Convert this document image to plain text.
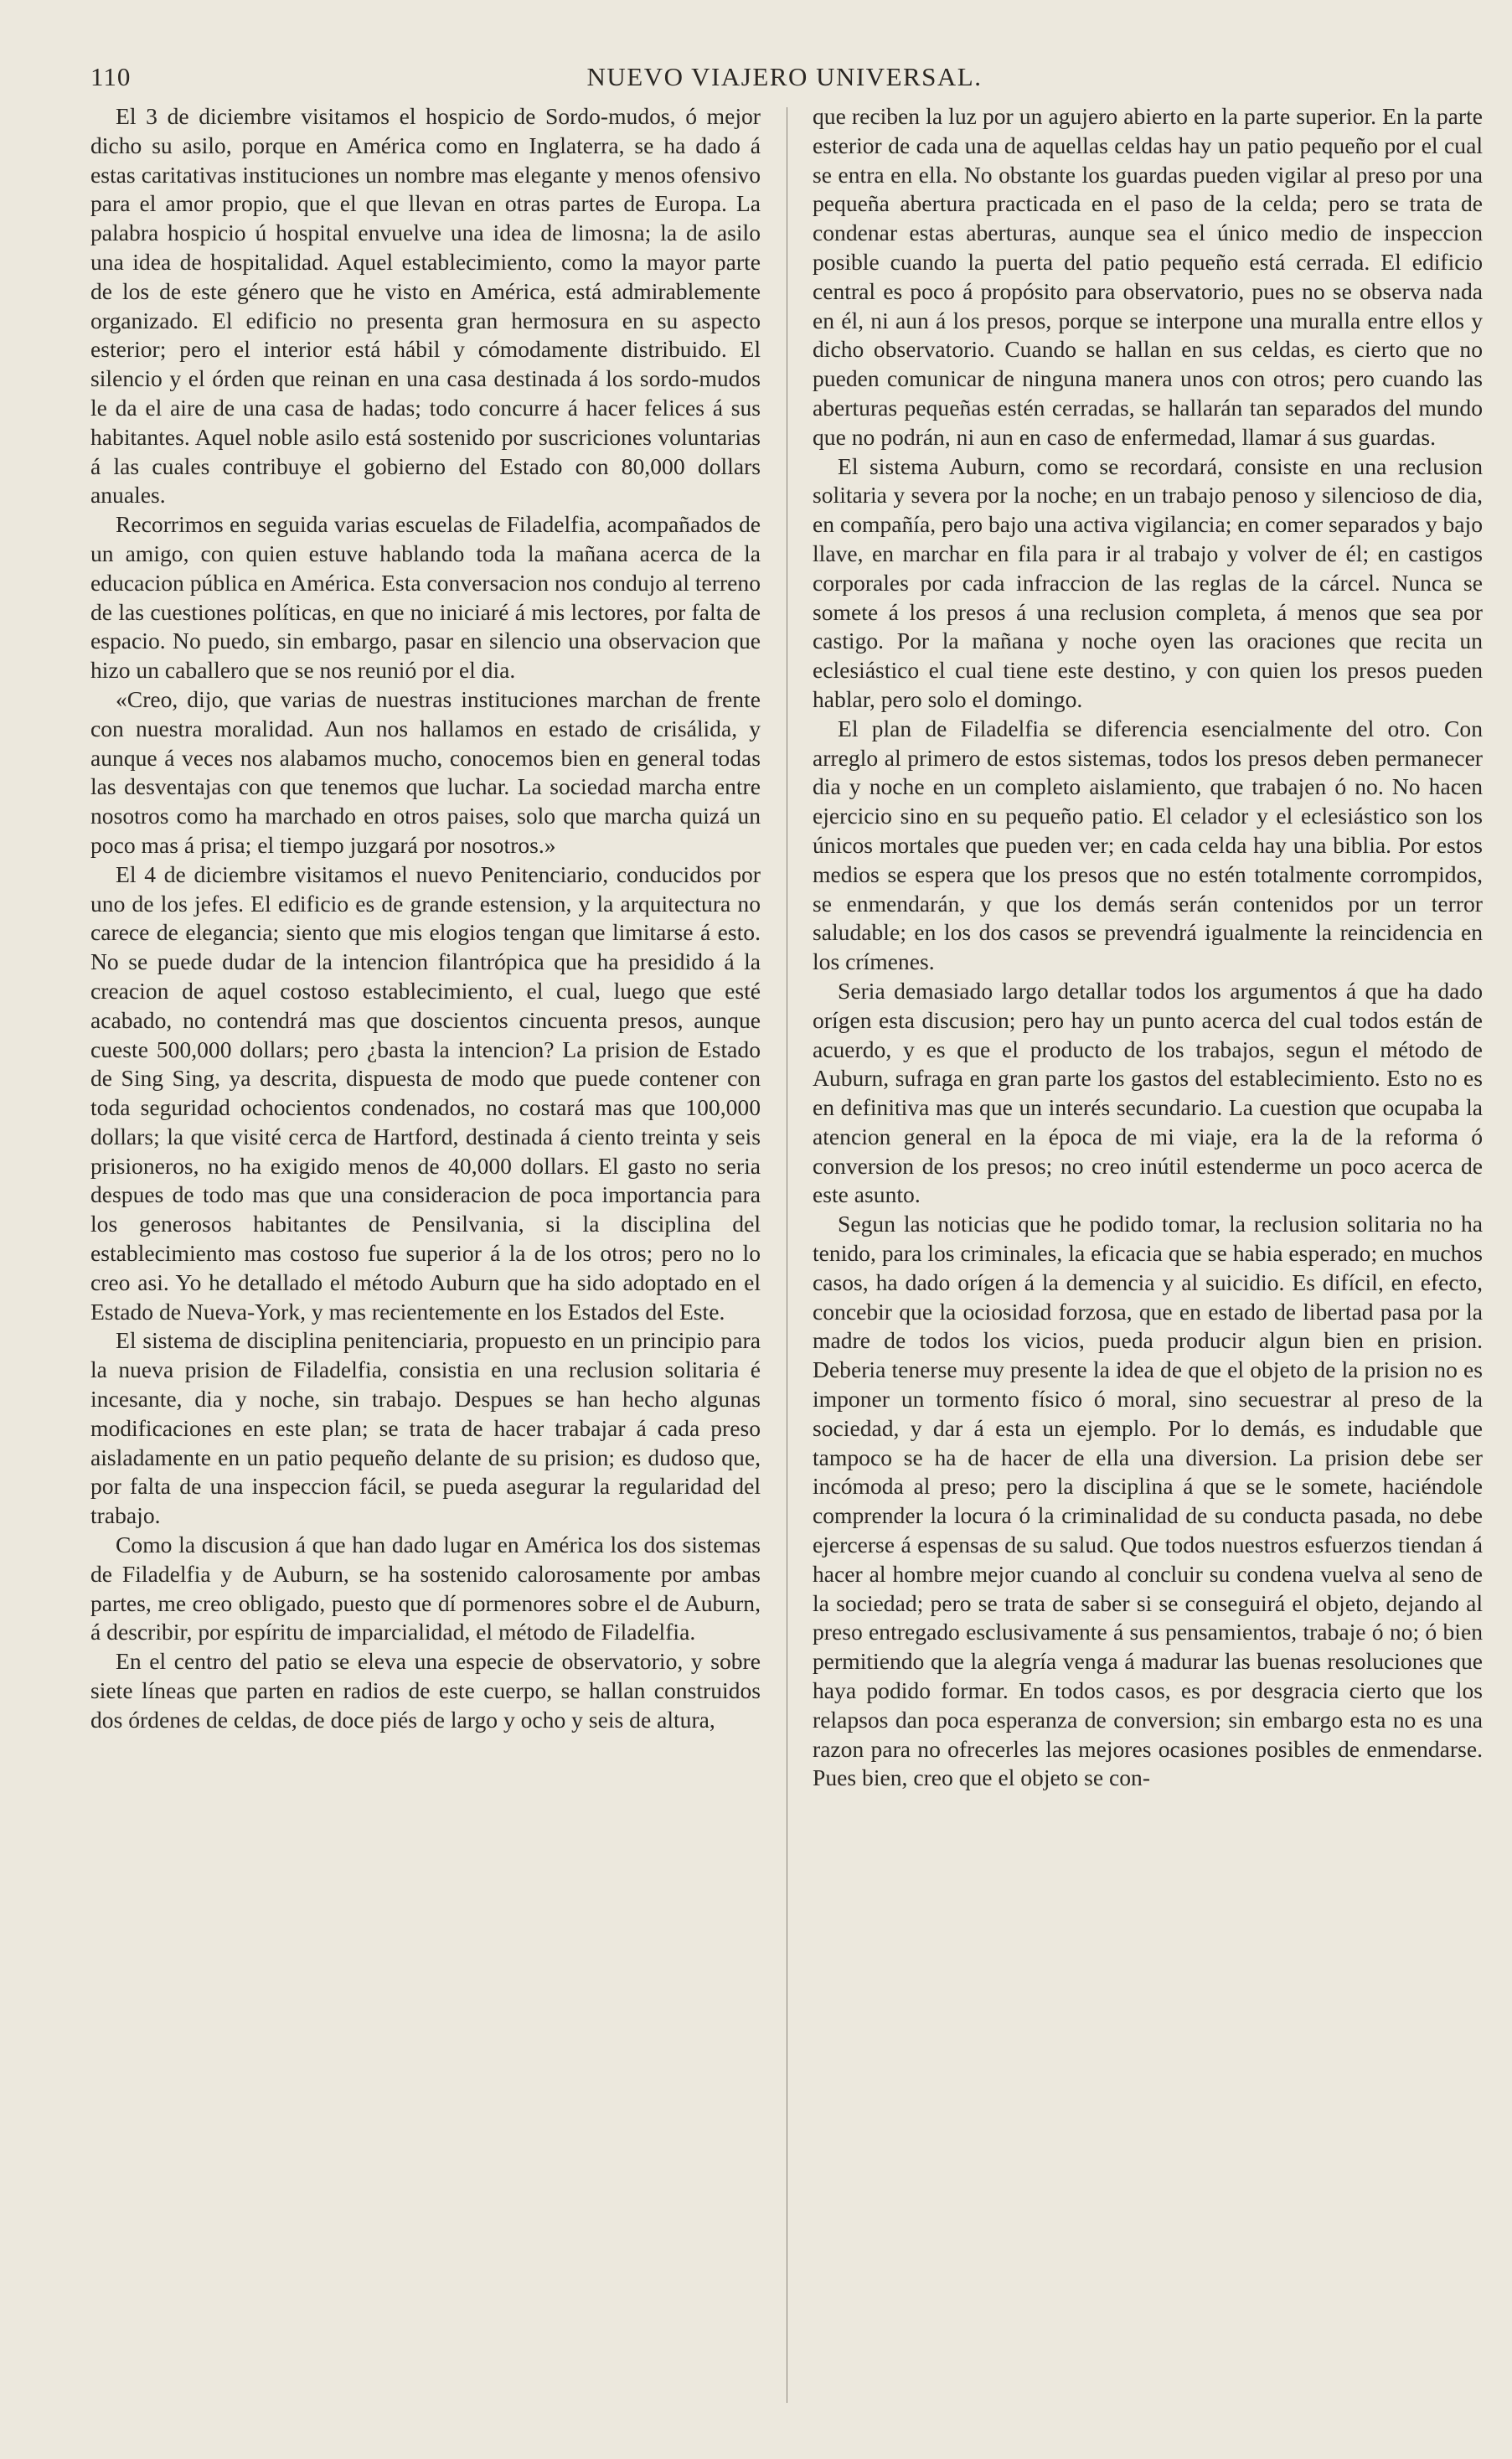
110	NUEVO VIAJERO UNIVERSAL.

El 3 de diciembre visitamos el hospicio de Sordo-mudos, ó mejor dicho su asilo, porque en América como en Inglaterra, se ha dado á estas caritativas instituciones un nombre mas elegante y menos ofensivo para el amor propio, que el que llevan en otras partes de Europa. La palabra hospicio ú hospital envuelve una idea de limosna; la de asilo una idea de hospitalidad. Aquel establecimiento, como la mayor parte de los de este género que he visto en América, está admirablemente organizado. El edificio no presenta gran hermosura en su aspecto esterior; pero el interior está hábil y cómodamente distribuido. El silencio y el órden que reinan en una casa destinada á los sordo-mudos le da el aire de una casa de hadas; todo concurre á hacer felices á sus habitantes. Aquel noble asilo está sostenido por suscriciones voluntarias á las cuales contribuye el gobierno del Estado con 80,000 dollars anuales.

Recorrimos en seguida varias escuelas de Filadelfia, acompañados de un amigo, con quien estuve hablando toda la mañana acerca de la educacion pública en América. Esta conversacion nos condujo al terreno de las cuestiones políticas, en que no iniciaré á mis lectores, por falta de espacio. No puedo, sin embargo, pasar en silencio una observacion que hizo un caballero que se nos reunió por el dia.

«Creo, dijo, que varias de nuestras instituciones marchan de frente con nuestra moralidad. Aun nos hallamos en estado de crisálida, y aunque á veces nos alabamos mucho, conocemos bien en general todas las desventajas con que tenemos que luchar. La sociedad marcha entre nosotros como ha marchado en otros paises, solo que marcha quizá un poco mas á prisa; el tiempo juzgará por nosotros.»

El 4 de diciembre visitamos el nuevo Penitenciario, conducidos por uno de los jefes. El edificio es de grande estension, y la arquitectura no carece de elegancia; siento que mis elogios tengan que limitarse á esto. No se puede dudar de la intencion filantrópica que ha presidido á la creacion de aquel costoso establecimiento, el cual, luego que esté acabado, no contendrá mas que doscientos cincuenta presos, aunque cueste 500,000 dollars; pero ¿basta la intencion? La prision de Estado de Sing Sing, ya descrita, dispuesta de modo que puede contener con toda seguridad ochocientos condenados, no costará mas que 100,000 dollars; la que visité cerca de Hartford, destinada á ciento treinta y seis prisioneros, no ha exigido menos de 40,000 dollars. El gasto no seria despues de todo mas que una consideracion de poca importancia para los generosos habitantes de Pensilvania, si la disciplina del establecimiento mas costoso fue superior á la de los otros; pero no lo creo asi. Yo he detallado el método Auburn que ha sido adoptado en el Estado de Nueva-York, y mas recientemente en los Estados del Este.

El sistema de disciplina penitenciaria, propuesto en un principio para la nueva prision de Filadelfia, consistia en una reclusion solitaria é incesante, dia y noche, sin trabajo. Despues se han hecho algunas modificaciones en este plan; se trata de hacer trabajar á cada preso aisladamente en un patio pequeño delante de su prision; es dudoso que, por falta de una inspeccion fácil, se pueda asegurar la regularidad del trabajo.

Como la discusion á que han dado lugar en América los dos sistemas de Filadelfia y de Auburn, se ha sostenido calorosamente por ambas partes, me creo obligado, puesto que dí pormenores sobre el de Auburn, á describir, por espíritu de imparcialidad, el método de Filadelfia.

En el centro del patio se eleva una especie de observatorio, y sobre siete líneas que parten en radios de este cuerpo, se hallan construidos dos órdenes de celdas, de doce piés de largo y ocho y seis de altura,

que reciben la luz por un agujero abierto en la parte superior. En la parte esterior de cada una de aquellas celdas hay un patio pequeño por el cual se entra en ella. No obstante los guardas pueden vigilar al preso por una pequeña abertura practicada en el paso de la celda; pero se trata de condenar estas aberturas, aunque sea el único medio de inspeccion posible cuando la puerta del patio pequeño está cerrada. El edificio central es poco á propósito para observatorio, pues no se observa nada en él, ni aun á los presos, porque se interpone una muralla entre ellos y dicho observatorio. Cuando se hallan en sus celdas, es cierto que no pueden comunicar de ninguna manera unos con otros; pero cuando las aberturas pequeñas estén cerradas, se hallarán tan separados del mundo que no podrán, ni aun en caso de enfermedad, llamar á sus guardas.

El sistema Auburn, como se recordará, consiste en una reclusion solitaria y severa por la noche; en un trabajo penoso y silencioso de dia, en compañía, pero bajo una activa vigilancia; en comer separados y bajo llave, en marchar en fila para ir al trabajo y volver de él; en castigos corporales por cada infraccion de las reglas de la cárcel. Nunca se somete á los presos á una reclusion completa, á menos que sea por castigo. Por la mañana y noche oyen las oraciones que recita un eclesiástico el cual tiene este destino, y con quien los presos pueden hablar, pero solo el domingo.

El plan de Filadelfia se diferencia esencialmente del otro. Con arreglo al primero de estos sistemas, todos los presos deben permanecer dia y noche en un completo aislamiento, que trabajen ó no. No hacen ejercicio sino en su pequeño patio. El celador y el eclesiástico son los únicos mortales que pueden ver; en cada celda hay una biblia. Por estos medios se espera que los presos que no estén totalmente corrompidos, se enmendarán, y que los demás serán contenidos por un terror saludable; en los dos casos se prevendrá igualmente la reincidencia en los crímenes.

Seria demasiado largo detallar todos los argumentos á que ha dado orígen esta discusion; pero hay un punto acerca del cual todos están de acuerdo, y es que el producto de los trabajos, segun el método de Auburn, sufraga en gran parte los gastos del establecimiento. Esto no es en definitiva mas que un interés secundario. La cuestion que ocupaba la atencion general en la época de mi viaje, era la de la reforma ó conversion de los presos; no creo inútil estenderme un poco acerca de este asunto.

Segun las noticias que he podido tomar, la reclusion solitaria no ha tenido, para los criminales, la eficacia que se habia esperado; en muchos casos, ha dado orígen á la demencia y al suicidio. Es difícil, en efecto, concebir que la ociosidad forzosa, que en estado de libertad pasa por la madre de todos los vicios, pueda producir algun bien en prision. Deberia tenerse muy presente la idea de que el objeto de la prision no es imponer un tormento físico ó moral, sino secuestrar al preso de la sociedad, y dar á esta un ejemplo. Por lo demás, es indudable que tampoco se ha de hacer de ella una diversion. La prision debe ser incómoda al preso; pero la disciplina á que se le somete, haciéndole comprender la locura ó la criminalidad de su conducta pasada, no debe ejercerse á espensas de su salud. Que todos nuestros esfuerzos tiendan á hacer al hombre mejor cuando al concluir su condena vuelva al seno de la sociedad; pero se trata de saber si se conseguirá el objeto, dejando al preso entregado esclusivamente á sus pensamientos, trabaje ó no; ó bien permitiendo que la alegría venga á madurar las buenas resoluciones que haya podido formar. En todos casos, es por desgracia cierto que los relapsos dan poca esperanza de conversion; sin embargo esta no es una razon para no ofrecerles las mejores ocasiones posibles de enmendarse. Pues bien, creo que el objeto se con-
